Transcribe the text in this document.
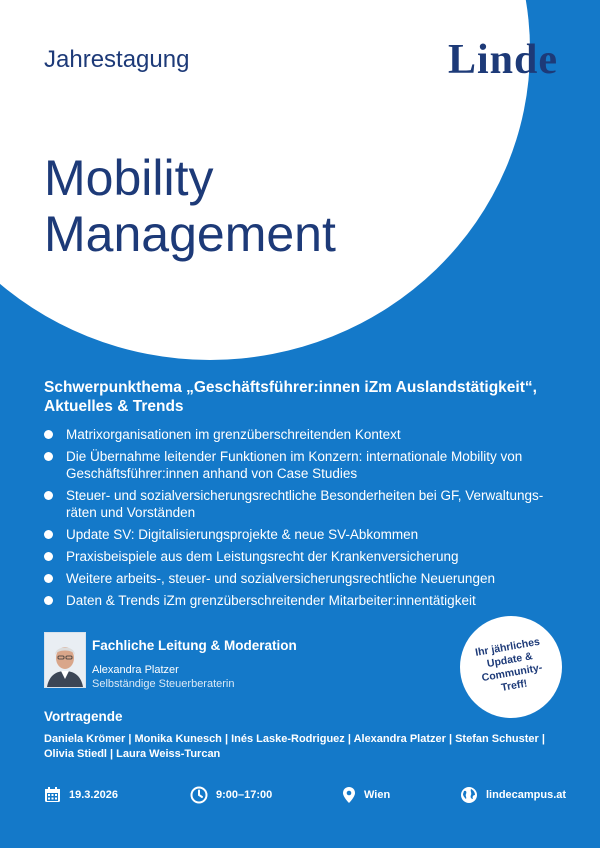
Jahrestagung	Linde
Mobility
Management
Schwerpunkthema „Geschäftsführer:innen iZm Auslandstätigkeit“, Aktuelles & Trends
Matrixorganisationen im grenzüberschreitenden Kontext
Die Übernahme leitender Funktionen im Konzern: internationale Mobility von Geschäftsführer:innen anhand von Case Studies
Steuer- und sozialversicherungsrechtliche Besonderheiten bei GF, Verwaltungs-räten und Vorständen
Update SV: Digitalisierungsprojekte & neue SV-Abkommen
Praxisbeispiele aus dem Leistungsrecht der Krankenversicherung
Weitere arbeits-, steuer- und sozialversicherungsrechtliche Neuerungen
Daten & Trends iZm grenzüberschreitender Mitarbeiter:innentätigkeit
Fachliche Leitung & Moderation
Alexandra Platzer
Selbständige Steuerberaterin
Ihr jährliches Update & Community-Treff!
Vortragende
Daniela Krömer | Monika Kunesch | Inés Laske-Rodriguez | Alexandra Platzer | Stefan Schuster | Olivia Stiedl | Laura Weiss-Turcan
19.3.2026	9:00–17:00	Wien	lindecampus.at
